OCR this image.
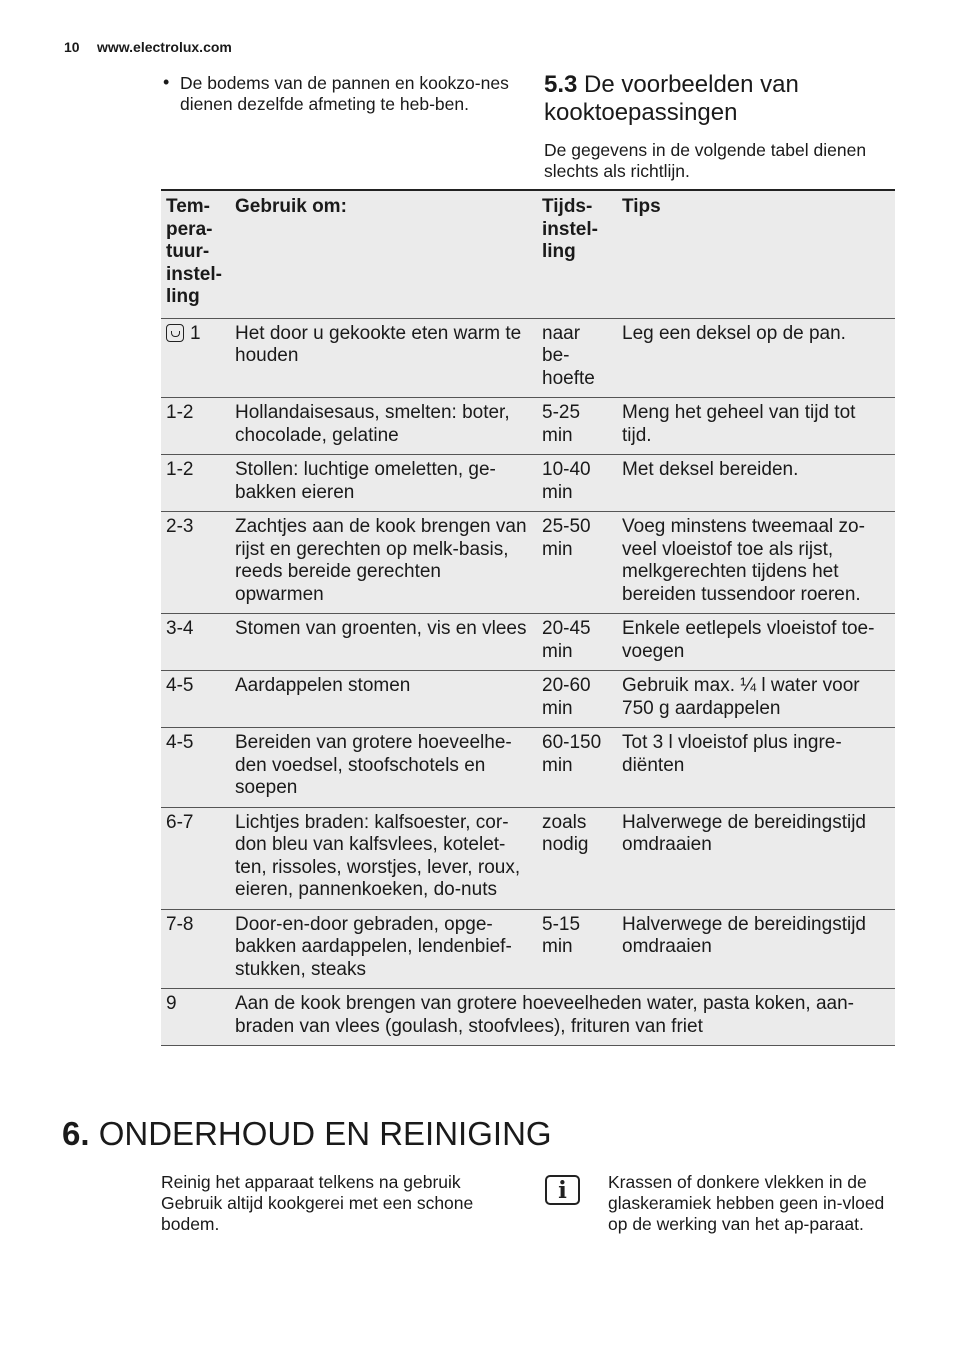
10 www.electrolux.com
• De bodems van de pannen en kookzo-nes dienen dezelfde afmeting te heb-ben.
5.3 De voorbeelden van kooktoepassingen
De gegevens in de volgende tabel dienen slechts als richtlijn.
Tem-pera-tuur-instel-ling	Gebruik om:	Tijds-instel-ling	Tips
1	Het door u gekookte eten warm te houden	naar be-hoefte	Leg een deksel op de pan.
1-2	Hollandaisesaus, smelten: boter, chocolade, gelatine	5-25 min	Meng het geheel van tijd tot tijd.
1-2	Stollen: luchtige omeletten, ge-bakken eieren	10-40 min	Met deksel bereiden.
2-3	Zachtjes aan de kook brengen van rijst en gerechten op melk-basis, reeds bereide gerechten opwarmen	25-50 min	Voeg minstens tweemaal zo-veel vloeistof toe als rijst, melkgerechten tijdens het bereiden tussendoor roeren.
3-4	Stomen van groenten, vis en vlees	20-45 min	Enkele eetlepels vloeistof toe-voegen
4-5	Aardappelen stomen	20-60 min	Gebruik max. ¼ l water voor 750 g aardappelen
4-5	Bereiden van grotere hoeveelhe-den voedsel, stoofschotels en soepen	60-150 min	Tot 3 l vloeistof plus ingre-diënten
6-7	Lichtjes braden: kalfsoester, cor-don bleu van kalfsvlees, kotelet-ten, rissoles, worstjes, lever, roux, eieren, pannenkoeken, do-nuts	zoals nodig	Halverwege de bereidingstijd omdraaien
7-8	Door-en-door gebraden, opge-bakken aardappelen, lendenbief-stukken, steaks	5-15 min	Halverwege de bereidingstijd omdraaien
9	Aan de kook brengen van grotere hoeveelheden water, pasta koken, aan-braden van vlees (goulash, stoofvlees), frituren van friet		
6. ONDERHOUD EN REINIGING
Reinig het apparaat telkens na gebruik Gebruik altijd kookgerei met een schone bodem.
i	Krassen of donkere vlekken in de glaskeramiek hebben geen in-vloed op de werking van het ap-paraat.
